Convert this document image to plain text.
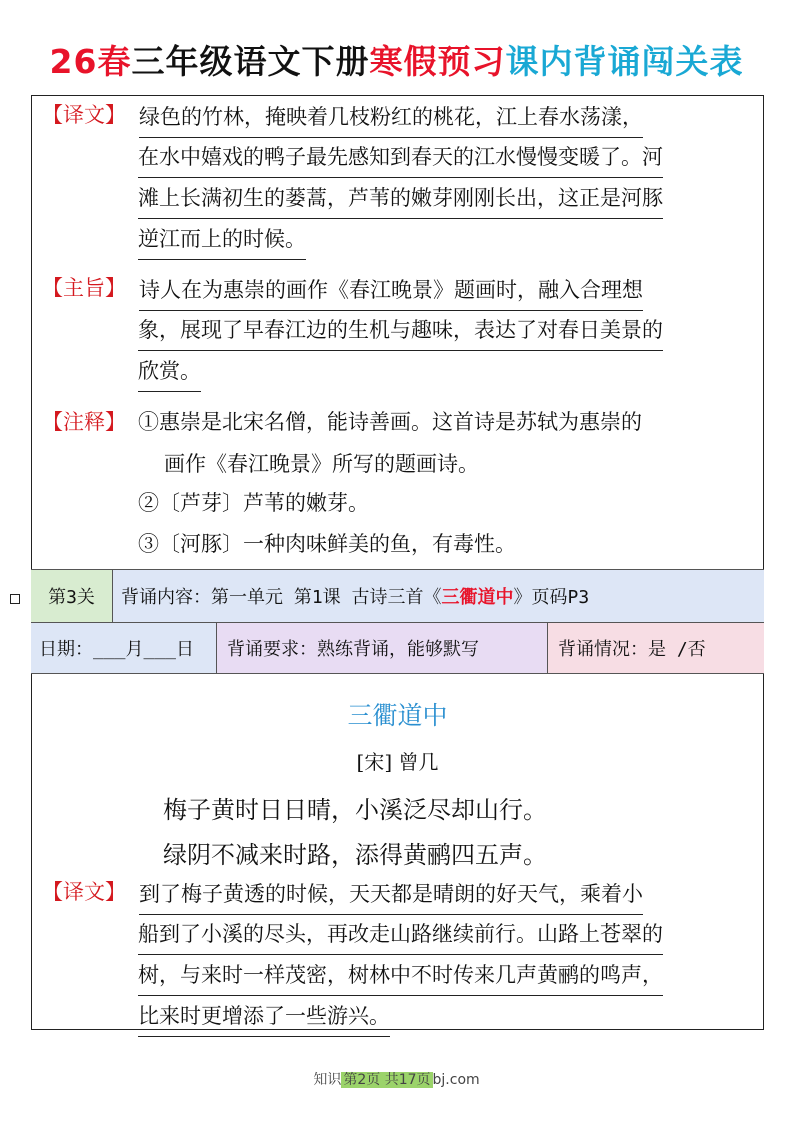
26春三年级语文下册寒假预习课内背诵闯关表
【译文】 绿色的竹林，掩映着几枝粉红的桃花，江上春水荡漾，
在水中嬉戏的鸭子最先感知到春天的江水慢慢变暖了。河
滩上长满初生的蒌蒿，芦苇的嫩芽刚刚长出，这正是河豚
逆江而上的时候。
【主旨】 诗人在为惠崇的画作《春江晚景》题画时，融入合理想
象，展现了早春江边的生机与趣味，表达了对春日美景的
欣赏。
【注释】 ①惠崇是北宋名僧，能诗善画。这首诗是苏轼为惠崇的
画作《春江晚景》所写的题画诗。
②〔芦芽〕芦苇的嫩芽。
③〔河豚〕一种肉味鲜美的鱼，有毒性。
第3关	背诵内容：第一单元 第1课 古诗三首《 三衢道中 》页码P3
日期：___月___日	背诵要求：熟练背诵，能够默写	背诵情况：是 /否
三衢道中
[宋] 曾几
梅子黄时日日晴，小溪泛尽却山行。
绿阴不减来时路，添得黄鹂四五声。
【译文】 到了梅子黄透的时候，天天都是晴朗的好天气，乘着小
船到了小溪的尽头，再改走山路继续前行。山路上苍翠的
树，与来时一样茂密，树林中不时传来几声黄鹂的鸣声，
比来时更增添了一些游兴。
知识 第2页 共17页 bj.com
